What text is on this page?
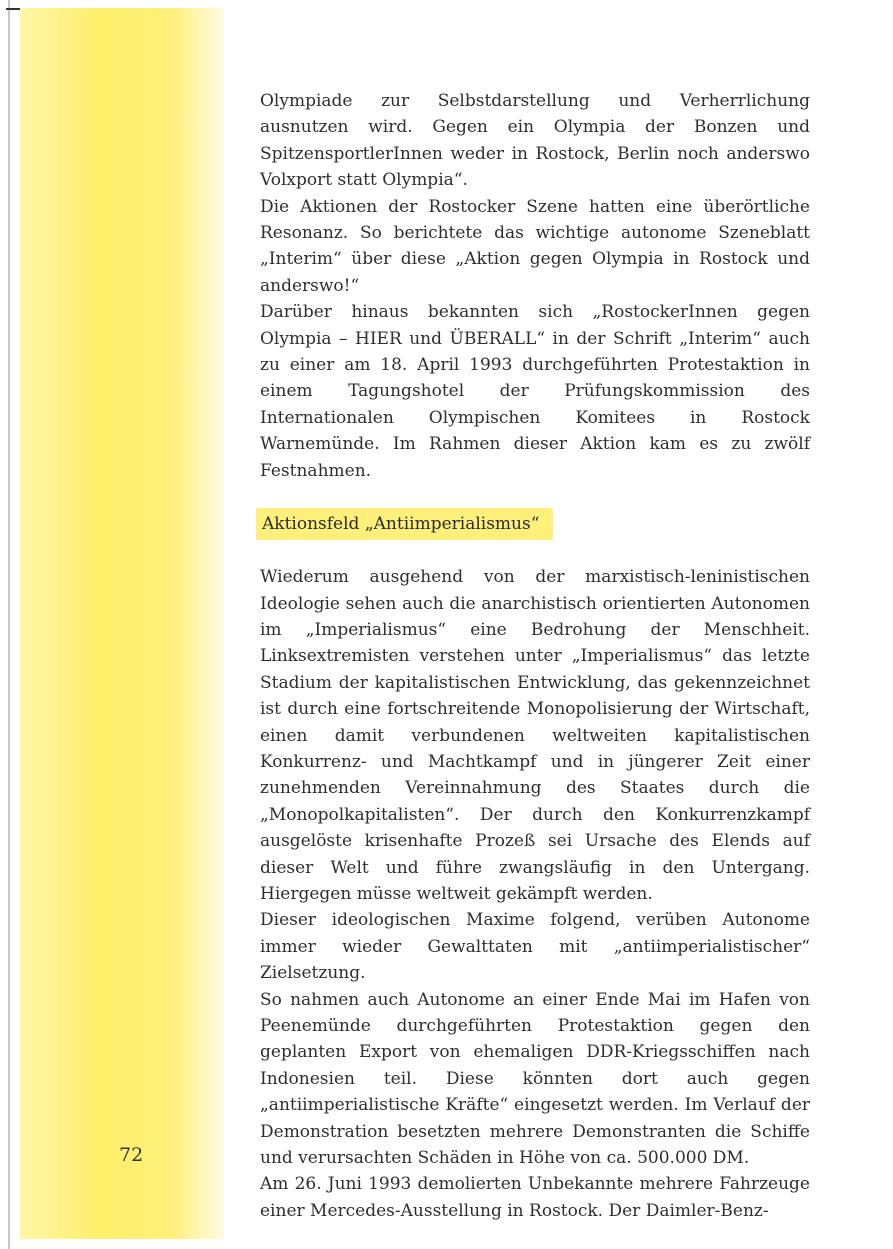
Olympiade zur Selbstdarstellung und Verherrlichung ausnutzen wird. Gegen ein Olympia der Bonzen und SpitzensportlerInnen weder in Rostock, Berlin noch anderswo Volxport statt Olympia“.

Die Aktionen der Rostocker Szene hatten eine überörtliche Resonanz. So berichtete das wichtige autonome Szeneblatt „Interim“ über diese „Aktion gegen Olympia in Rostock und anderswo!“

Darüber hinaus bekannten sich „RostockerInnen gegen Olympia – HIER und ÜBERALL“ in der Schrift „Interim“ auch zu einer am 18. April 1993 durchgeführten Protestaktion in einem Tagungshotel der Prüfungskommission des Internationalen Olympischen Komitees in Rostock Warnemünde. Im Rahmen dieser Aktion kam es zu zwölf Festnahmen.

Aktionsfeld „Antiimperialismus“

Wiederum ausgehend von der marxistisch-leninistischen Ideologie sehen auch die anarchistisch orientierten Autonomen im „Imperialismus“ eine Bedrohung der Menschheit. Linksextremisten verstehen unter „Imperialismus“ das letzte Stadium der kapitalistischen Entwicklung, das gekennzeichnet ist durch eine fortschreitende Monopolisierung der Wirtschaft, einen damit verbundenen weltweiten kapitalistischen Konkurrenz- und Machtkampf und in jüngerer Zeit einer zunehmenden Vereinnahmung des Staates durch die „Monopolkapitalisten“. Der durch den Konkurrenzkampf ausgelöste krisenhafte Prozeß sei Ursache des Elends auf dieser Welt und führe zwangsläufig in den Untergang. Hiergegen müsse weltweit gekämpft werden.

Dieser ideologischen Maxime folgend, verüben Autonome immer wieder Gewalttaten mit „antiimperialistischer“ Zielsetzung.

So nahmen auch Autonome an einer Ende Mai im Hafen von Peenemünde durchgeführten Protestaktion gegen den geplanten Export von ehemaligen DDR-Kriegsschiffen nach Indonesien teil. Diese könnten dort auch gegen „antiimperialistische Kräfte“ eingesetzt werden. Im Verlauf der Demonstration besetzten mehrere Demonstranten die Schiffe und verursachten Schäden in Höhe von ca. 500.000 DM.

Am 26. Juni 1993 demolierten Unbekannte mehrere Fahrzeuge einer Mercedes-Ausstellung in Rostock. Der Daimler-Benz-

72
